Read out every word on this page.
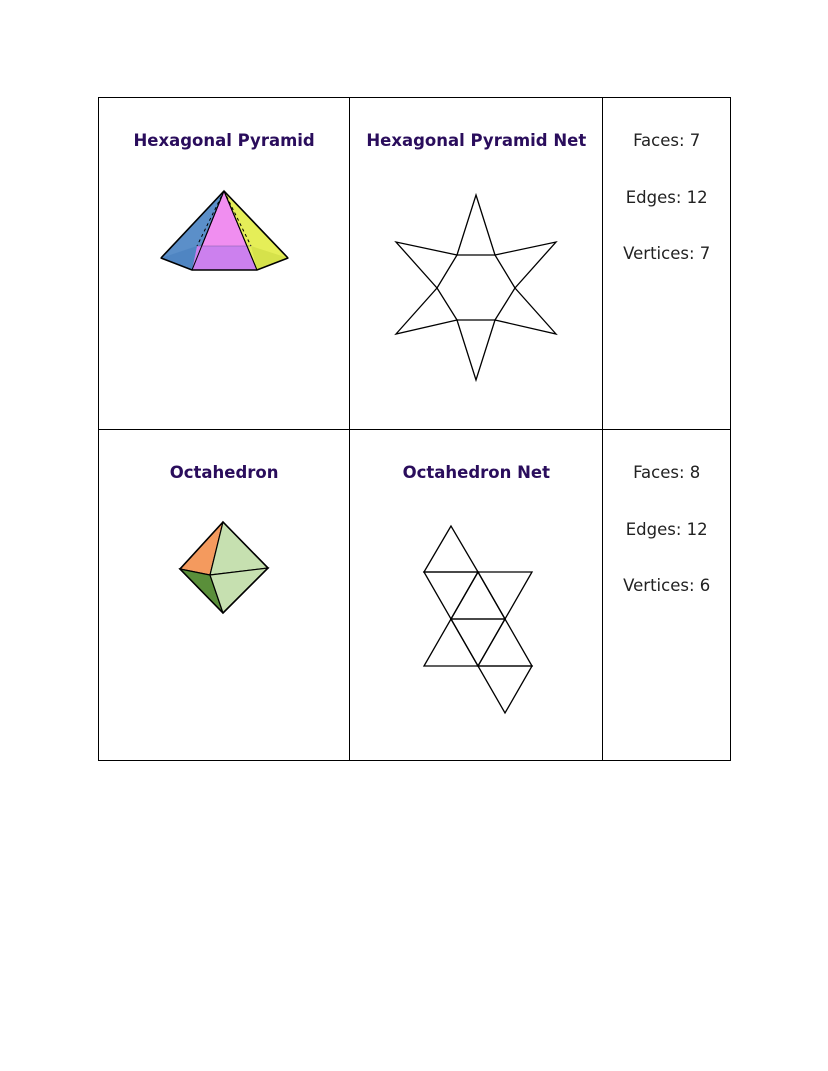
Hexagonal Pyramid	Hexagonal Pyramid Net	Faces: 7
Edges: 12
Vertices: 7

Octahedron	Octahedron Net	Faces: 8
Edges: 12
Vertices: 6
